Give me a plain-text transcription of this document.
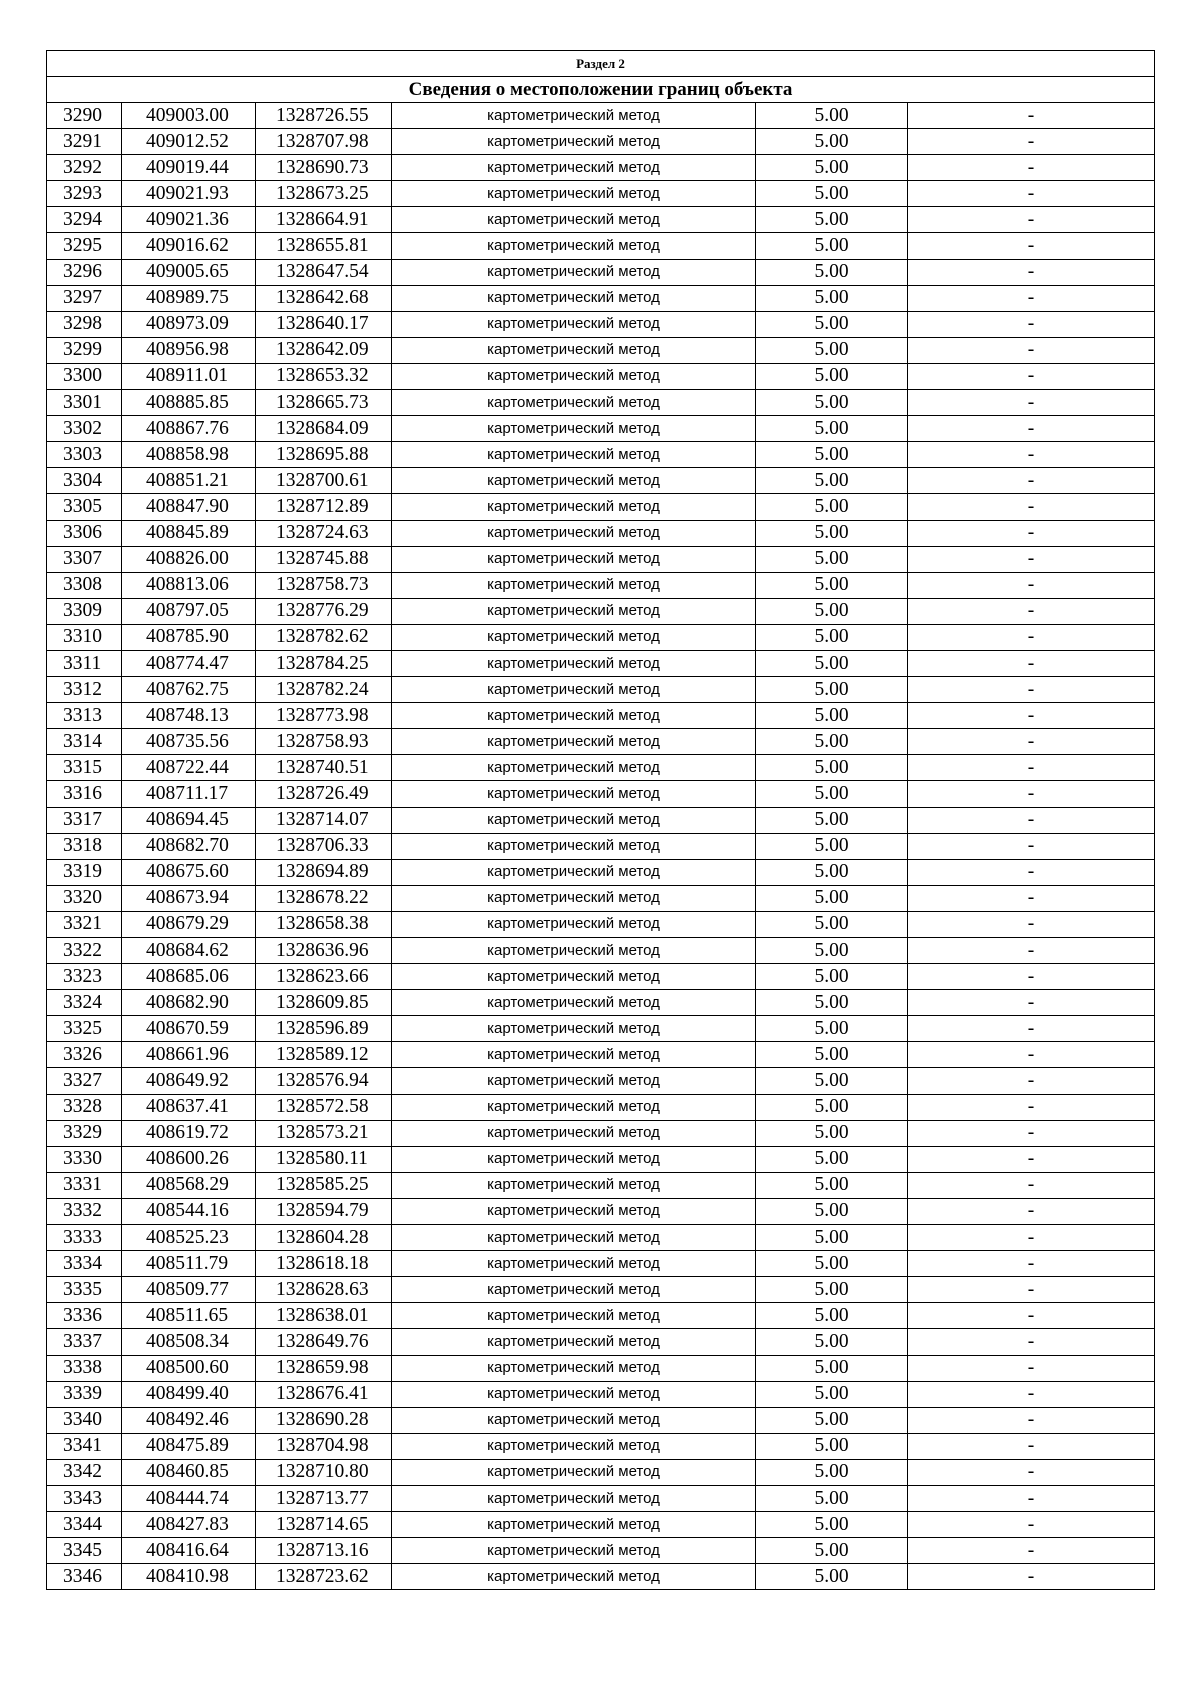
Раздел 2					
Сведения о местоположении границ объекта					
3290	409003.00	1328726.55	картометрический метод	5.00	-
3291	409012.52	1328707.98	картометрический метод	5.00	-
3292	409019.44	1328690.73	картометрический метод	5.00	-
3293	409021.93	1328673.25	картометрический метод	5.00	-
3294	409021.36	1328664.91	картометрический метод	5.00	-
3295	409016.62	1328655.81	картометрический метод	5.00	-
3296	409005.65	1328647.54	картометрический метод	5.00	-
3297	408989.75	1328642.68	картометрический метод	5.00	-
3298	408973.09	1328640.17	картометрический метод	5.00	-
3299	408956.98	1328642.09	картометрический метод	5.00	-
3300	408911.01	1328653.32	картометрический метод	5.00	-
3301	408885.85	1328665.73	картометрический метод	5.00	-
3302	408867.76	1328684.09	картометрический метод	5.00	-
3303	408858.98	1328695.88	картометрический метод	5.00	-
3304	408851.21	1328700.61	картометрический метод	5.00	-
3305	408847.90	1328712.89	картометрический метод	5.00	-
3306	408845.89	1328724.63	картометрический метод	5.00	-
3307	408826.00	1328745.88	картометрический метод	5.00	-
3308	408813.06	1328758.73	картометрический метод	5.00	-
3309	408797.05	1328776.29	картометрический метод	5.00	-
3310	408785.90	1328782.62	картометрический метод	5.00	-
3311	408774.47	1328784.25	картометрический метод	5.00	-
3312	408762.75	1328782.24	картометрический метод	5.00	-
3313	408748.13	1328773.98	картометрический метод	5.00	-
3314	408735.56	1328758.93	картометрический метод	5.00	-
3315	408722.44	1328740.51	картометрический метод	5.00	-
3316	408711.17	1328726.49	картометрический метод	5.00	-
3317	408694.45	1328714.07	картометрический метод	5.00	-
3318	408682.70	1328706.33	картометрический метод	5.00	-
3319	408675.60	1328694.89	картометрический метод	5.00	-
3320	408673.94	1328678.22	картометрический метод	5.00	-
3321	408679.29	1328658.38	картометрический метод	5.00	-
3322	408684.62	1328636.96	картометрический метод	5.00	-
3323	408685.06	1328623.66	картометрический метод	5.00	-
3324	408682.90	1328609.85	картометрический метод	5.00	-
3325	408670.59	1328596.89	картометрический метод	5.00	-
3326	408661.96	1328589.12	картометрический метод	5.00	-
3327	408649.92	1328576.94	картометрический метод	5.00	-
3328	408637.41	1328572.58	картометрический метод	5.00	-
3329	408619.72	1328573.21	картометрический метод	5.00	-
3330	408600.26	1328580.11	картометрический метод	5.00	-
3331	408568.29	1328585.25	картометрический метод	5.00	-
3332	408544.16	1328594.79	картометрический метод	5.00	-
3333	408525.23	1328604.28	картометрический метод	5.00	-
3334	408511.79	1328618.18	картометрический метод	5.00	-
3335	408509.77	1328628.63	картометрический метод	5.00	-
3336	408511.65	1328638.01	картометрический метод	5.00	-
3337	408508.34	1328649.76	картометрический метод	5.00	-
3338	408500.60	1328659.98	картометрический метод	5.00	-
3339	408499.40	1328676.41	картометрический метод	5.00	-
3340	408492.46	1328690.28	картометрический метод	5.00	-
3341	408475.89	1328704.98	картометрический метод	5.00	-
3342	408460.85	1328710.80	картометрический метод	5.00	-
3343	408444.74	1328713.77	картометрический метод	5.00	-
3344	408427.83	1328714.65	картометрический метод	5.00	-
3345	408416.64	1328713.16	картометрический метод	5.00	-
3346	408410.98	1328723.62	картометрический метод	5.00	-
